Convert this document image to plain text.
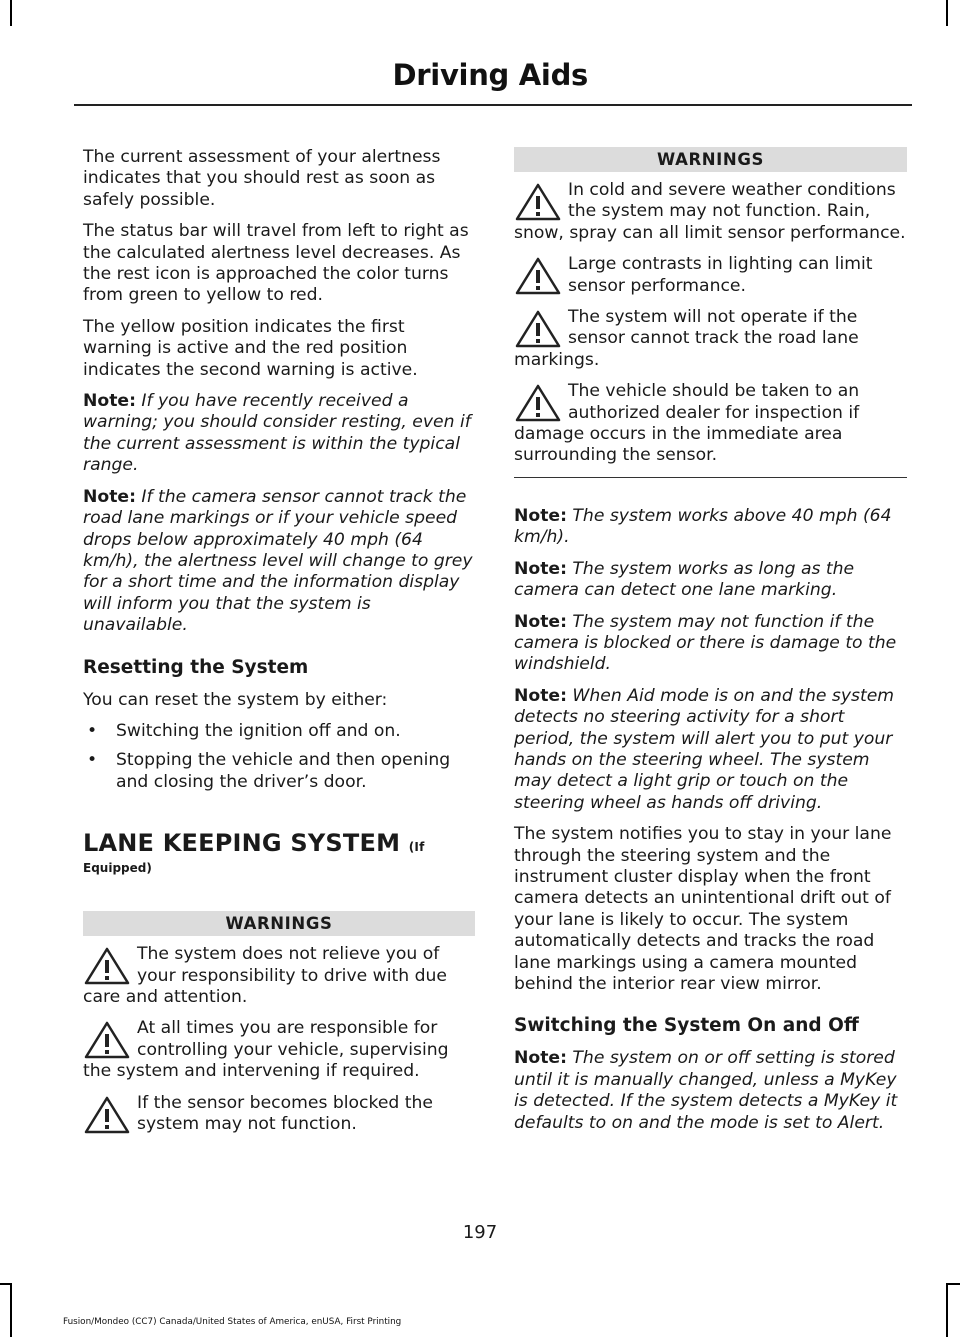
Driving Aids

The current assessment of your alertness indicates that you should rest as soon as safely possible.

The status bar will travel from left to right as the calculated alertness level decreases. As the rest icon is approached the color turns from green to yellow to red.

The yellow position indicates the first warning is active and the red position indicates the second warning is active.

Note: If you have recently received a warning; you should consider resting, even if the current assessment is within the typical range.

Note: If the camera sensor cannot track the road lane markings or if your vehicle speed drops below approximately 40 mph (64 km/h), the alertness level will change to grey for a short time and the information display will inform you that the system is unavailable.

Resetting the System

You can reset the system by either:

• Switching the ignition off and on.
• Stopping the vehicle and then opening and closing the driver’s door.
LANE KEEPING SYSTEM (If
Equipped)
WARNINGS
The system does not relieve you of your responsibility to drive with due care and attention.
At all times you are responsible for controlling your vehicle, supervising the system and intervening if required.
If the sensor becomes blocked the system may not function.
WARNINGS
In cold and severe weather conditions the system may not function. Rain, snow, spray can all limit sensor performance.
Large contrasts in lighting can limit sensor performance.
The system will not operate if the sensor cannot track the road lane markings.
The vehicle should be taken to an authorized dealer for inspection if damage occurs in the immediate area surrounding the sensor.

Note: The system works above 40 mph (64 km/h).

Note: The system works as long as the camera can detect one lane marking.

Note: The system may not function if the camera is blocked or there is damage to the windshield.

Note: When Aid mode is on and the system detects no steering activity for a short period, the system will alert you to put your hands on the steering wheel. The system may detect a light grip or touch on the steering wheel as hands off driving.

The system notifies you to stay in your lane through the steering system and the instrument cluster display when the front camera detects an unintentional drift out of your lane is likely to occur. The system automatically detects and tracks the road lane markings using a camera mounted behind the interior rear view mirror.

Switching the System On and Off

Note: The system on or off setting is stored until it is manually changed, unless a MyKey is detected. If the system detects a MyKey it defaults to on and the mode is set to Alert.

197
Fusion/Mondeo (CC7) Canada/United States of America, enUSA, First Printing
